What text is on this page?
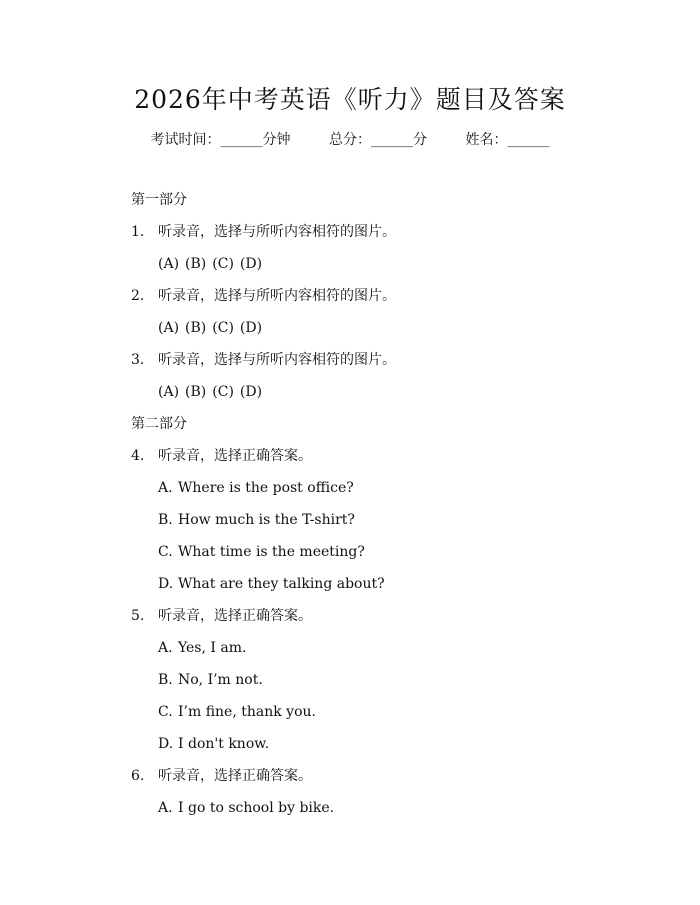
2026年中考英语《听力》题目及答案
考试时间：______分钟	总分：______分	姓名：______
第一部分
1. 听录音，选择与所听内容相符的图片。
(A) (B) (C) (D)
2. 听录音，选择与所听内容相符的图片。
(A) (B) (C) (D)
3. 听录音，选择与所听内容相符的图片。
(A) (B) (C) (D)
第二部分
4. 听录音，选择正确答案。
A. Where is the post office?
B. How much is the T-shirt?
C. What time is the meeting?
D. What are they talking about?
5. 听录音，选择正确答案。
A. Yes, I am.
B. No, I’m not.
C. I’m fine, thank you.
D. I don't know.
6. 听录音，选择正确答案。
A. I go to school by bike.
